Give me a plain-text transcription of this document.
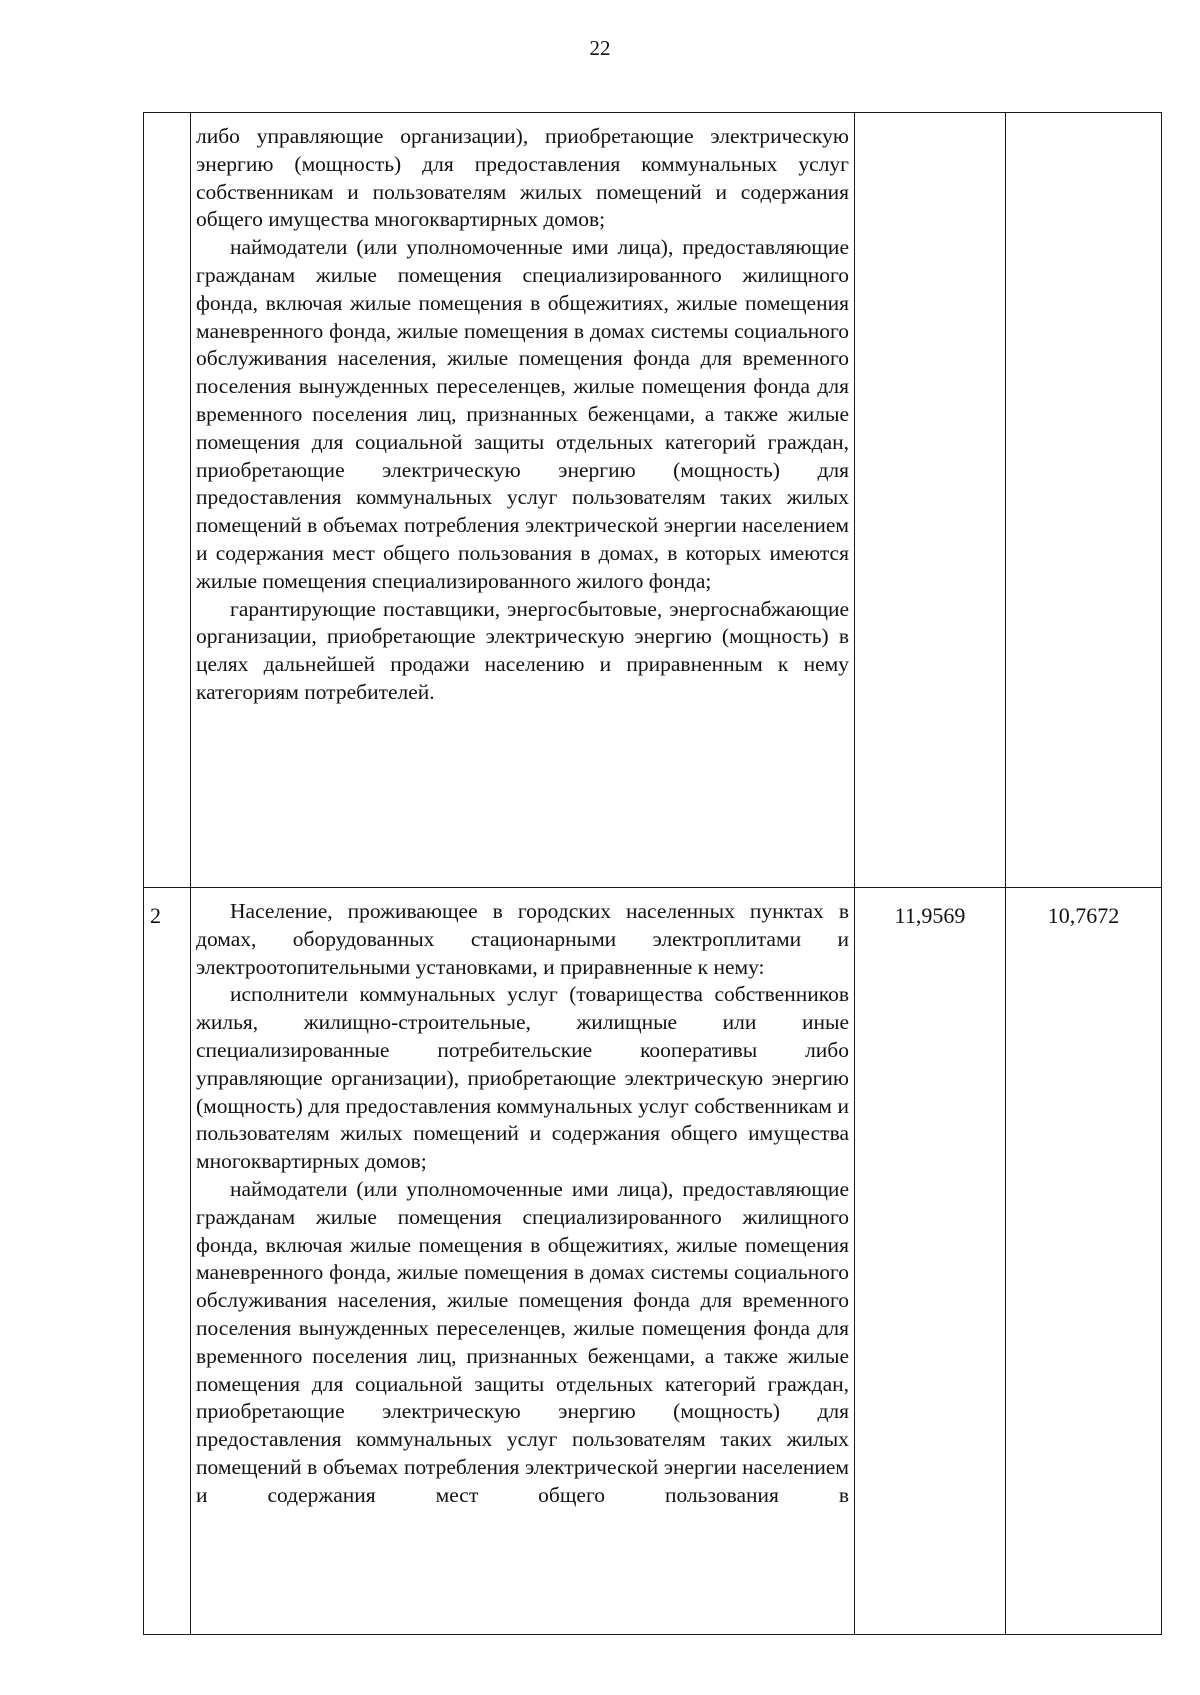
22

	либо управляющие организации), приобретающие электрическую энергию (мощность) для предоставления коммунальных услуг собственникам и пользователям жилых помещений и содержания общего имущества многоквартирных домов;

наймодатели (или уполномоченные ими лица), предоставляющие гражданам жилые помещения специализированного жилищного фонда, включая жилые помещения в общежитиях, жилые помещения маневренного фонда, жилые помещения в домах системы социального обслуживания населения, жилые помещения фонда для временного поселения вынужденных переселенцев, жилые помещения фонда для временного поселения лиц, признанных беженцами, а также жилые помещения для социальной защиты отдельных категорий граждан, приобретающие электрическую энергию (мощность) для предоставления коммунальных услуг пользователям таких жилых помещений в объемах потребления электрической энергии населением и содержания мест общего пользования в домах, в которых имеются жилые помещения специализированного жилого фонда;

гарантирующие поставщики, энергосбытовые, энергоснабжающие организации, приобретающие электрическую энергию (мощность) в целях дальнейшей продажи населению и приравненным к нему категориям потребителей.		

2	Население, проживающее в городских населенных пунктах в домах, оборудованных стационарными электроплитами и электроотопительными установками, и приравненные к нему:

исполнители коммунальных услуг (товарищества собственников жилья, жилищно-строительные, жилищные или иные специализированные потребительские кооперативы либо управляющие организации), приобретающие электрическую энергию (мощность) для предоставления коммунальных услуг собственникам и пользователям жилых помещений и содержания общего имущества многоквартирных домов;

наймодатели (или уполномоченные ими лица), предоставляющие гражданам жилые помещения специализированного жилищного фонда, включая жилые помещения в общежитиях, жилые помещения маневренного фонда, жилые помещения в домах системы социального обслуживания населения, жилые помещения фонда для временного поселения вынужденных переселенцев, жилые помещения фонда для временного поселения лиц, признанных беженцами, а также жилые помещения для социальной защиты отдельных категорий граждан, приобретающие электрическую энергию (мощность) для предоставления коммунальных услуг пользователям таких жилых помещений в объемах потребления электрической энергии населением и содержания мест общего пользования в	11,9569	10,7672
